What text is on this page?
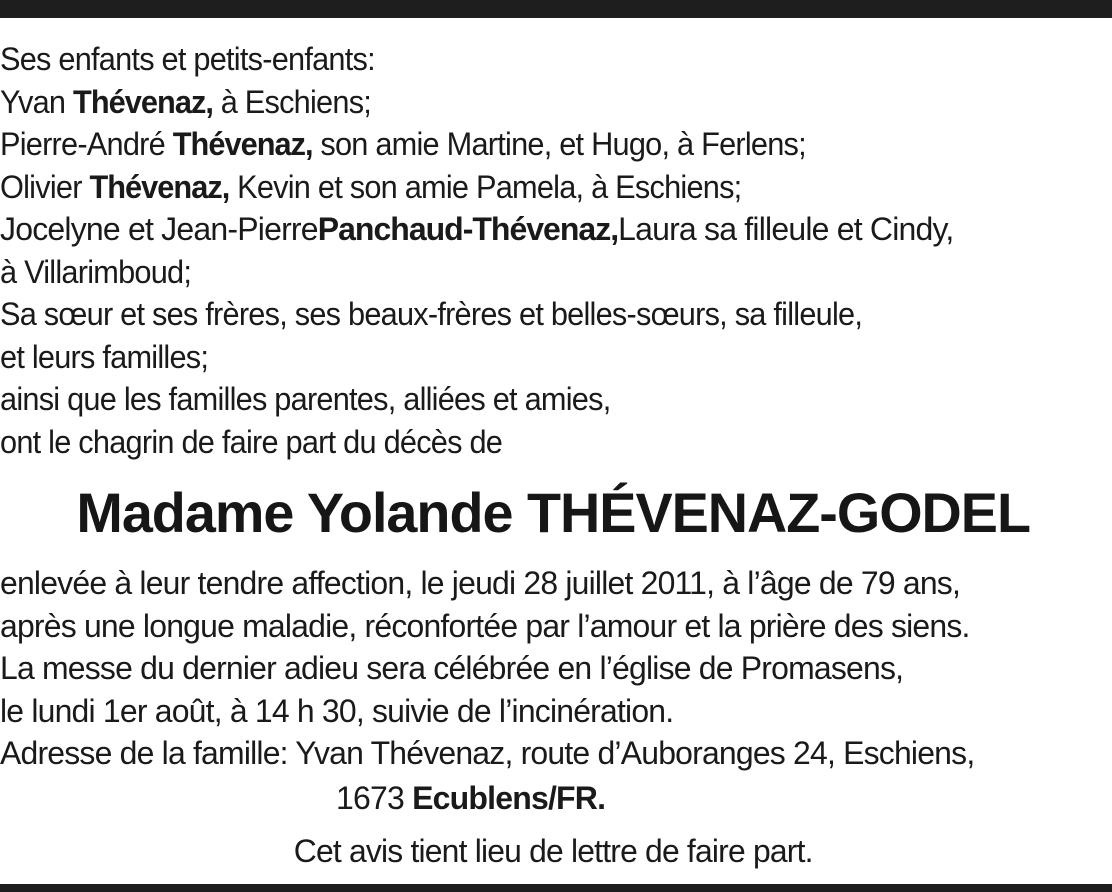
Ses enfants et petits-enfants:
Yvan Thévenaz, à Eschiens;
Pierre-André Thévenaz, son amie Martine, et Hugo, à Ferlens;
Olivier Thévenaz, Kevin et son amie Pamela, à Eschiens;
Jocelyne et Jean-PierrePanchaud-Thévenaz,Laura sa filleule et Cindy,
à Villarimboud;
Sa sœur et ses frères, ses beaux-frères et belles-sœurs, sa filleule,
et leurs familles;
ainsi que les familles parentes, alliées et amies,
ont le chagrin de faire part du décès de
Madame Yolande THÉVENAZ-GODEL
enlevée à leur tendre affection, le jeudi 28 juillet 2011, à l’âge de 79 ans,
après une longue maladie, réconfortée par l’amour et la prière des siens.
La messe du dernier adieu sera célébrée en l’église de Promasens,
le lundi 1er août, à 14 h 30, suivie de l’incinération.
Adresse de la famille: Yvan Thévenaz, route d’Auboranges 24, Eschiens,
1673 Ecublens/FR.
Cet avis tient lieu de lettre de faire part.
